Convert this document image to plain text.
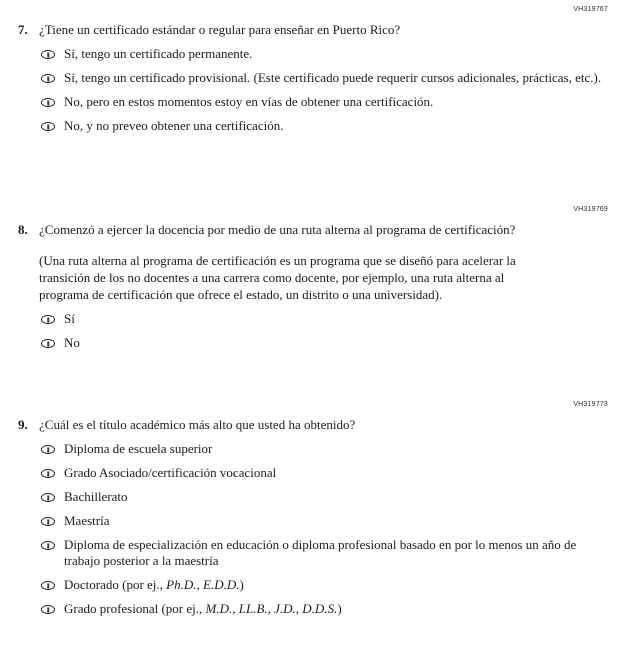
VH319767
7. ¿Tiene un certificado estándar o regular para enseñar en Puerto Rico?

Sí, tengo un certificado permanente.
Sí, tengo un certificado provisional. (Este certificado puede requerir cursos adicionales, prácticas, etc.).
No, pero en estos momentos estoy en vías de obtener una certificación.
No, y no preveo obtener una certificación.
VH319769
8. ¿Comenzó a ejercer la docencia por medio de una ruta alterna al programa de certificación?

(Una ruta alterna al programa de certificación es un programa que se diseñó para acelerar la transición de los no docentes a una carrera como docente, por ejemplo, una ruta alterna al programa de certificación que ofrece el estado, un distrito o una universidad).

Sí
No
VH319773
9. ¿Cuál es el título académico más alto que usted ha obtenido?

Diploma de escuela superior
Grado Asociado/certificación vocacional
Bachillerato
Maestría
Diploma de especialización en educación o diploma profesional basado en por lo menos un año de trabajo posterior a la maestría
Doctorado (por ej., Ph.D., E.D.D.)
Grado profesional (por ej., M.D., LL.B., J.D., D.D.S.)
